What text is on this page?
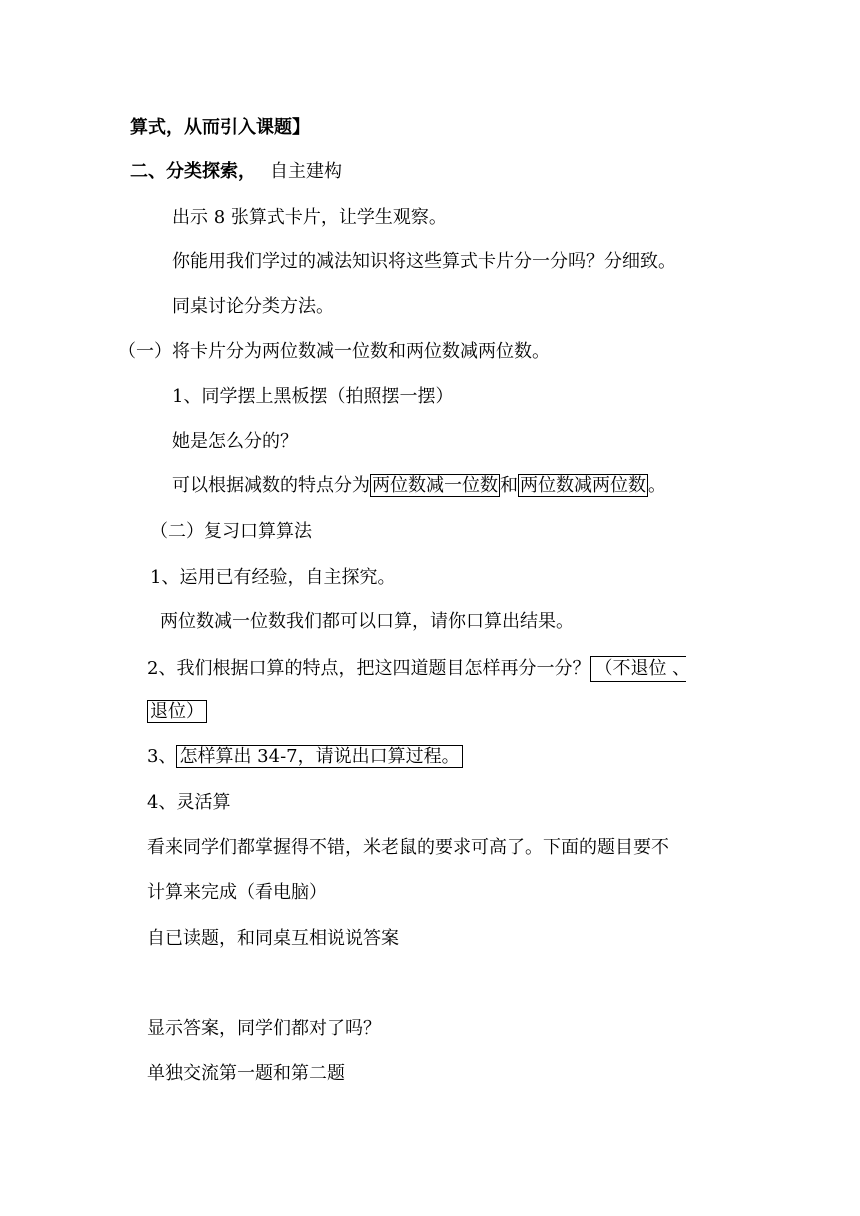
算式，从而引入课题】
二、分类探索， 自主建构
出示 8 张算式卡片，让学生观察。
你能用我们学过的减法知识将这些算式卡片分一分吗？分细致。
同桌讨论分类方法。
（一）将卡片分为两位数减一位数和两位数减两位数。
1、同学摆上黑板摆（拍照摆一摆）
她是怎么分的？
可以根据减数的特点分为 两位数减一位数 和 两位数减两位数 。
（二）复习口算算法
1、运用已有经验，自主探究。
两位数减一位数我们都可以口算，请你口算出结果。
2、我们根据口算的特点，把这四道题目怎样再分一分？ （不退位 、
退位）
3、 怎样算出 34-7，请说出口算过程。
4、灵活算
看来同学们都掌握得不错，米老鼠的要求可高了。下面的题目要不
计算来完成（看电脑）
自已读题，和同桌互相说说答案
显示答案，同学们都对了吗？
单独交流第一题和第二题
